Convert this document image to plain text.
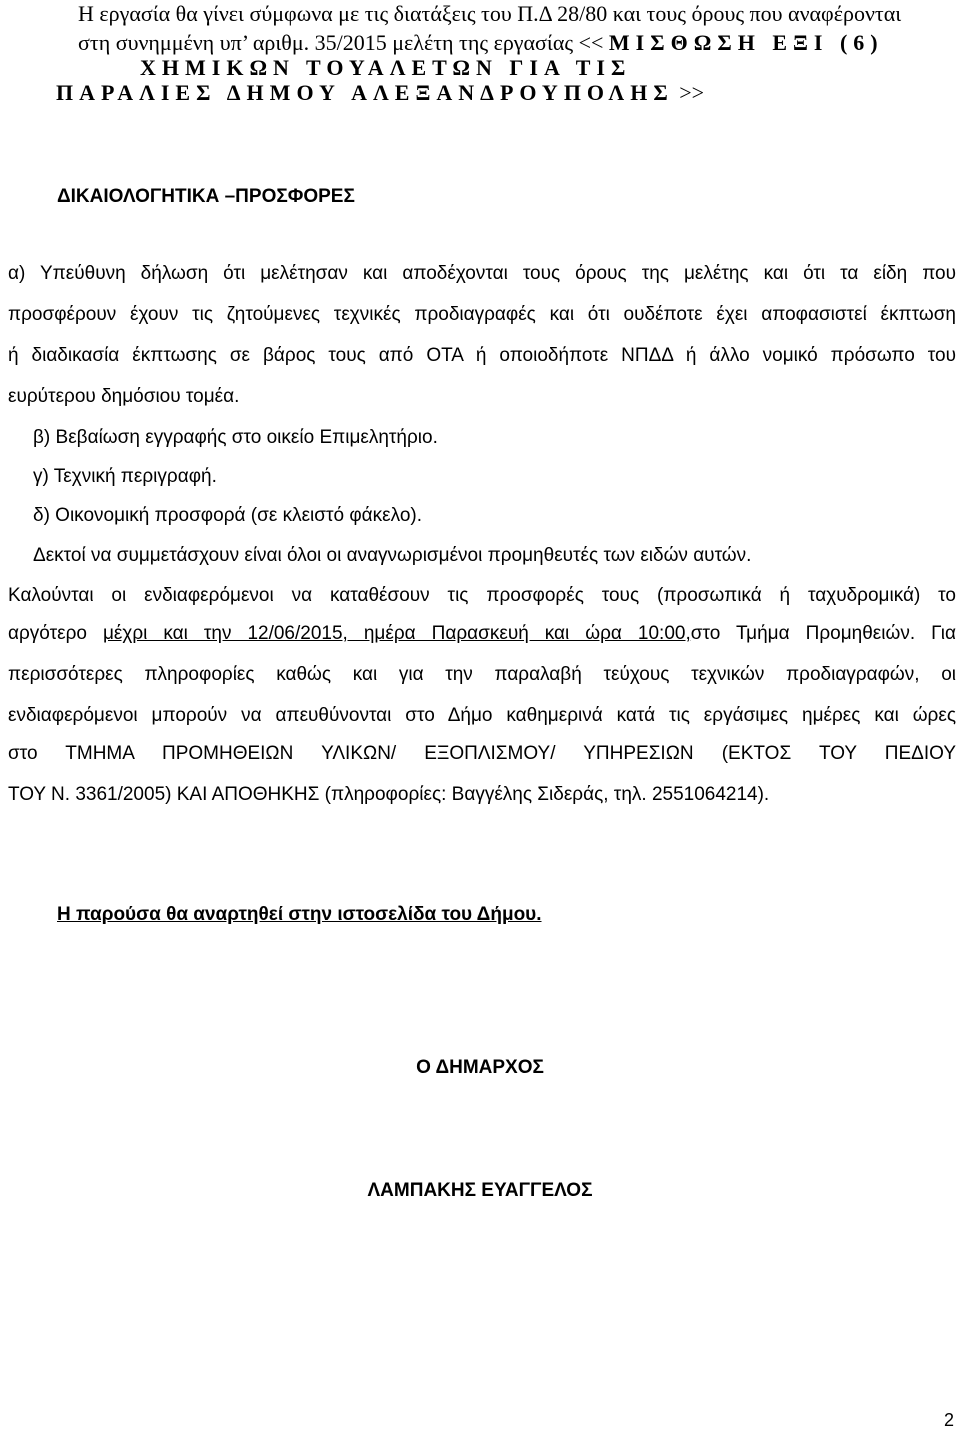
Η εργασία θα γίνει σύμφωνα με τις διατάξεις του Π.Δ 28/80 και τους όρους που αναφέρονται
στη συνημμένη υπ’ αριθμ. 35/2015 μελέτη της εργασίας << ΜΙΣΘΩΣΗ ΕΞΙ (6)
ΧΗΜΙΚΩΝ ΤΟΥΑΛΕΤΩΝ ΓΙΑ ΤΙΣ
ΠΑΡΑΛΙΕΣ ΔΗΜΟΥ ΑΛΕΞΑΝΔΡΟΥΠΟΛΗΣ >>
ΔΙΚΑΙΟΛΟΓΗΤΙΚΑ –ΠΡΟΣΦΟΡΕΣ
α) Υπεύθυνη δήλωση ότι μελέτησαν και αποδέχονται τους όρους της μελέτης και ότι τα είδη που
προσφέρουν έχουν τις ζητούμενες τεχνικές προδιαγραφές και ότι ουδέποτε έχει αποφασιστεί έκπτωση
ή διαδικασία έκπτωσης σε βάρος τους από ΟΤΑ ή οποιοδήποτε ΝΠΔΔ ή άλλο νομικό πρόσωπο του
ευρύτερου δημόσιου τομέα.
β) Βεβαίωση εγγραφής στο οικείο Επιμελητήριο.
γ) Τεχνική περιγραφή.
δ) Οικονομική προσφορά (σε κλειστό φάκελο).
Δεκτοί να συμμετάσχουν είναι όλοι οι αναγνωρισμένοι προμηθευτές των ειδών αυτών.
Καλούνται οι ενδιαφερόμενοι να καταθέσουν τις προσφορές τους (προσωπικά ή ταχυδρομικά) το
αργότερο μέχρι και την 12/06/2015, ημέρα Παρασκευή και ώρα 10:00,στο Τμήμα Προμηθειών. Για
περισσότερες πληροφορίες καθώς και για την παραλαβή τεύχους τεχνικών προδιαγραφών, οι
ενδιαφερόμενοι μπορούν να απευθύνονται στο Δήμο καθημερινά κατά τις εργάσιμες ημέρες και ώρες
στο ΤΜΗΜΑ ΠΡΟΜΗΘΕΙΩΝ ΥΛΙΚΩΝ/ ΕΞΟΠΛΙΣΜΟΥ/ ΥΠΗΡΕΣΙΩΝ (ΕΚΤΟΣ ΤΟΥ ΠΕΔΙΟΥ
ΤΟΥ Ν. 3361/2005) ΚΑΙ ΑΠΟΘΗΚΗΣ (πληροφορίες: Βαγγέλης Σιδεράς, τηλ. 2551064214).
Η παρούσα θα αναρτηθεί στην ιστοσελίδα του Δήμου.
Ο ΔΗΜΑΡΧΟΣ
ΛΑΜΠΑΚΗΣ ΕΥΑΓΓΕΛΟΣ
2
